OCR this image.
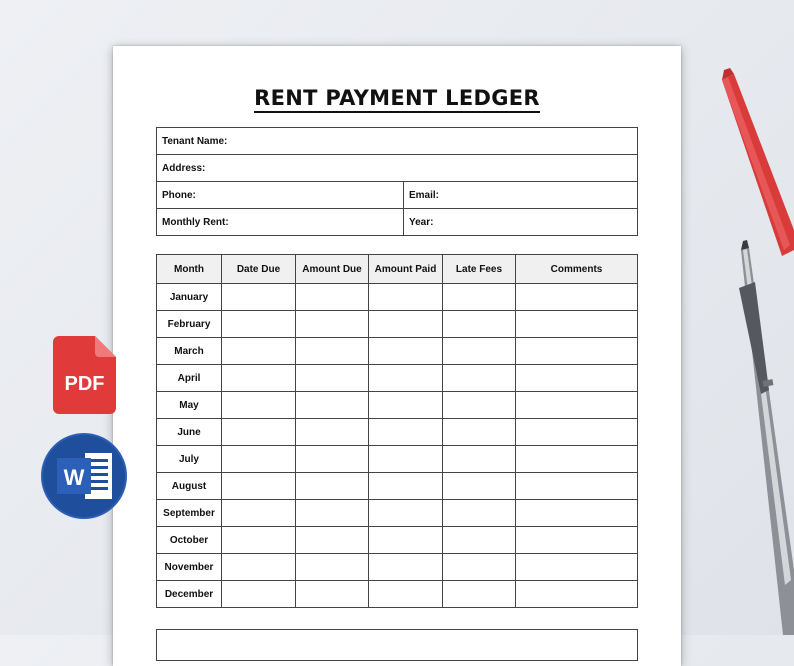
RENT PAYMENT LEDGER
Tenant Name:	
Address:	
Phone:	Email:
Monthly Rent:	Year:
Month	Date Due	Amount Due	Amount Paid	Late Fees	Comments
January					
February					
March					
April					
May					
June					
July					
August					
September					
October					
November					
December					
PDF
W
